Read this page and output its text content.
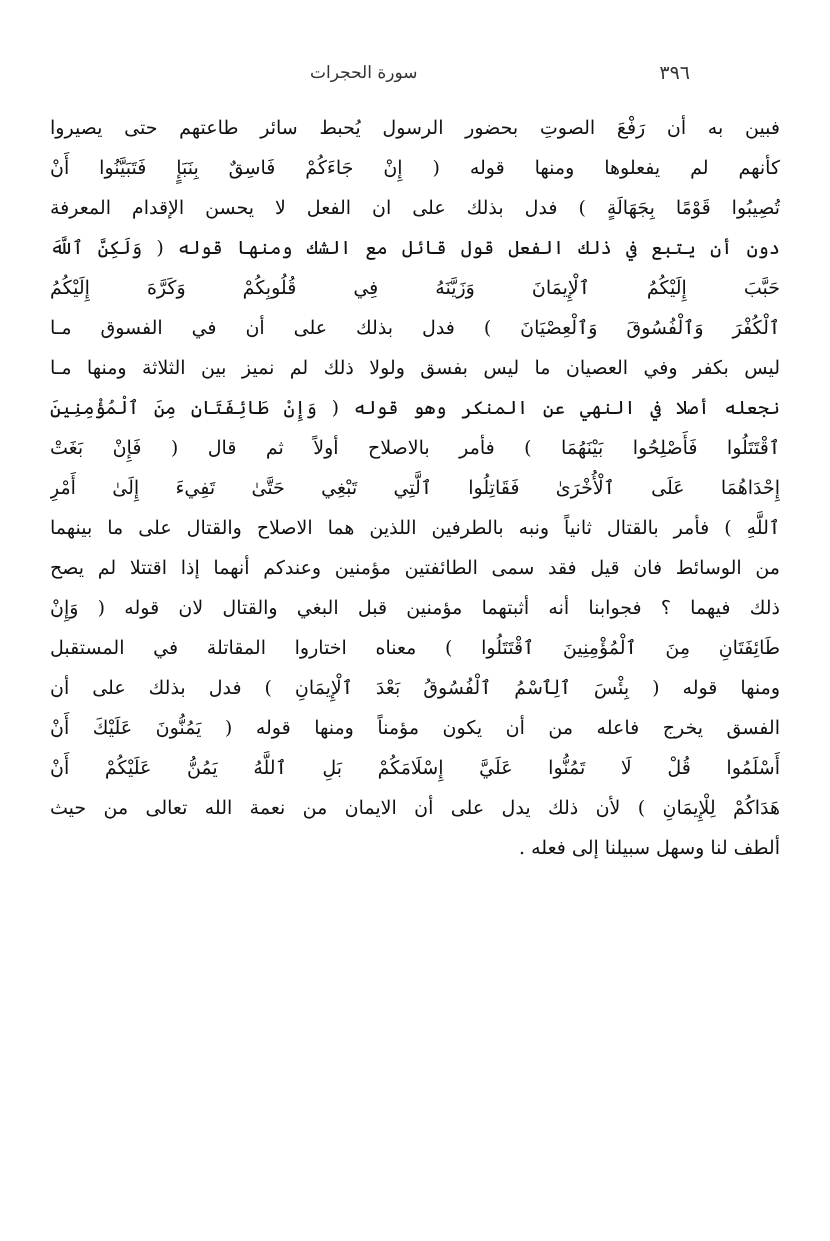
٣٩٦
سورة الحجرات
فبين به أن رَفْعَ الصوتِ بحضور الرسول يُحبط سائر طاعتهم حتى يصيروا
كأنهم لم يفعلوها ومنها قوله ( إِنْ جَاءَكُمْ فَاسِقٌ بِنَبَإٍ فَتَبَيَّنُوا أَنْ
تُصِيبُوا قَوْمًا بِجَهَالَةٍ ) فدل بذلك على ان الفعل لا يحسن الإقدام المعرفة
دون أن يتبع في ذلك الفعل قول قائل مع الشك ومنها قوله ( وَلَكِنَّ ٱللَّهَ
حَبَّبَ إِلَيْكُمُ ٱلْإِيمَانَ وَزَيَّنَهُ فِي قُلُوبِكُمْ وَكَرَّهَ إِلَيْكُمُ
ٱلْكُفْرَ وَٱلْفُسُوقَ وَٱلْعِصْيَانَ ) فدل بذلك على أن في الفسوق مـا
ليس بكفر وفي العصيان ما ليس بفسق ولولا ذلك لم نميز بين الثلاثة ومنها مـا
نجعله أصلا في النهي عن المنكر وهو قوله ( وَإِنْ طَائِفَتَانِ مِنَ ٱلْمُؤْمِنِينَ
ٱقْتَتَلُوا فَأَصْلِحُوا بَيْنَهُمَا ) فأمر بالاصلاح أولاً ثم قال ( فَإِنْ بَغَتْ
إِحْدَاهُمَا عَلَى ٱلْأُخْرَىٰ فَقَاتِلُوا ٱلَّتِي تَبْغِي حَتَّىٰ تَفِيءَ إِلَىٰ أَمْرِ
ٱللَّهِ ) فأمر بالقتال ثانياً ونبه بالطرفين اللذين هما الاصلاح والقتال على ما بينهما
من الوسائط فان قيل فقد سمى الطائفتين مؤمنين وعندكم أنهما إذا اقتتلا لم يصح
ذلك فيهما ؟ فجوابنا أنه أثبتهما مؤمنين قبل البغي والقتال لان قوله ( وَإِنْ
طَائِفَتَانِ مِنَ ٱلْمُؤْمِنِينَ ٱقْتَتَلُوا ) معناه اختاروا المقاتلة في المستقبل
ومنها قوله ( بِئْسَ ٱلِٱسْمُ ٱلْفُسُوقُ بَعْدَ ٱلْإِيمَانِ ) فدل بذلك على أن
الفسق يخرج فاعله من أن يكون مؤمناً ومنها قوله ( يَمُنُّونَ عَلَيْكَ أَنْ
أَسْلَمُوا قُلْ لَا تَمُنُّوا عَلَيَّ إِسْلَامَكُمْ بَلِ ٱللَّهُ يَمُنُّ عَلَيْكُمْ أَنْ
هَدَاكُمْ لِلْإِيمَانِ ) لأن ذلك يدل على أن الايمان من نعمة الله تعالى من حيث
ألطف لنا وسهل سبيلنا إلى فعله .
